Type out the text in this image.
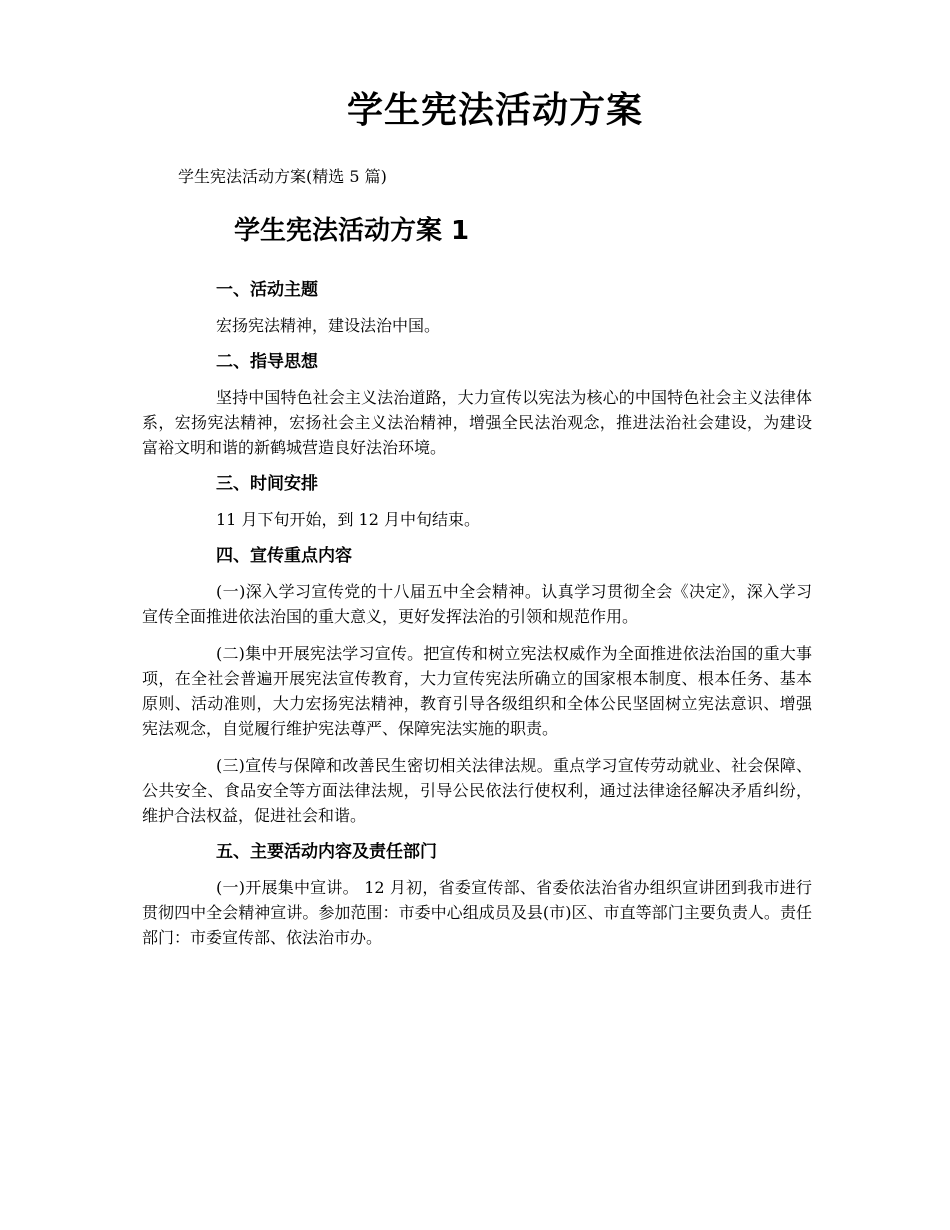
学生宪法活动方案

学生宪法活动方案(精选 5 篇)

学生宪法活动方案 1
一、活动主题

宏扬宪法精神，建设法治中国。

二、指导思想

坚持中国特色社会主义法治道路，大力宣传以宪法为核心的中国特色社会主义法律体系，宏扬宪法精神，宏扬社会主义法治精神，增强全民法治观念，推进法治社会建设，为建设富裕文明和谐的新鹤城营造良好法治环境。

三、时间安排

11 月下旬开始，到 12 月中旬结束。

四、宣传重点内容

(一)深入学习宣传党的十八届五中全会精神。认真学习贯彻全会《决定》，深入学习宣传全面推进依法治国的重大意义，更好发挥法治的引领和规范作用。

(二)集中开展宪法学习宣传。把宣传和树立宪法权威作为全面推进依法治国的重大事项，在全社会普遍开展宪法宣传教育，大力宣传宪法所确立的国家根本制度、根本任务、基本原则、活动准则，大力宏扬宪法精神，教育引导各级组织和全体公民坚固树立宪法意识、增强宪法观念，自觉履行维护宪法尊严、保障宪法实施的职责。

(三)宣传与保障和改善民生密切相关法律法规。重点学习宣传劳动就业、社会保障、公共安全、食品安全等方面法律法规，引导公民依法行使权利，通过法律途径解决矛盾纠纷，维护合法权益，促进社会和谐。

五、主要活动内容及责任部门

(一)开展集中宣讲。 12 月初，省委宣传部、省委依法治省办组织宣讲团到我市进行贯彻四中全会精神宣讲。参加范围：市委中心组成员及县(市)区、市直等部门主要负责人。责任部门：市委宣传部、依法治市办。
